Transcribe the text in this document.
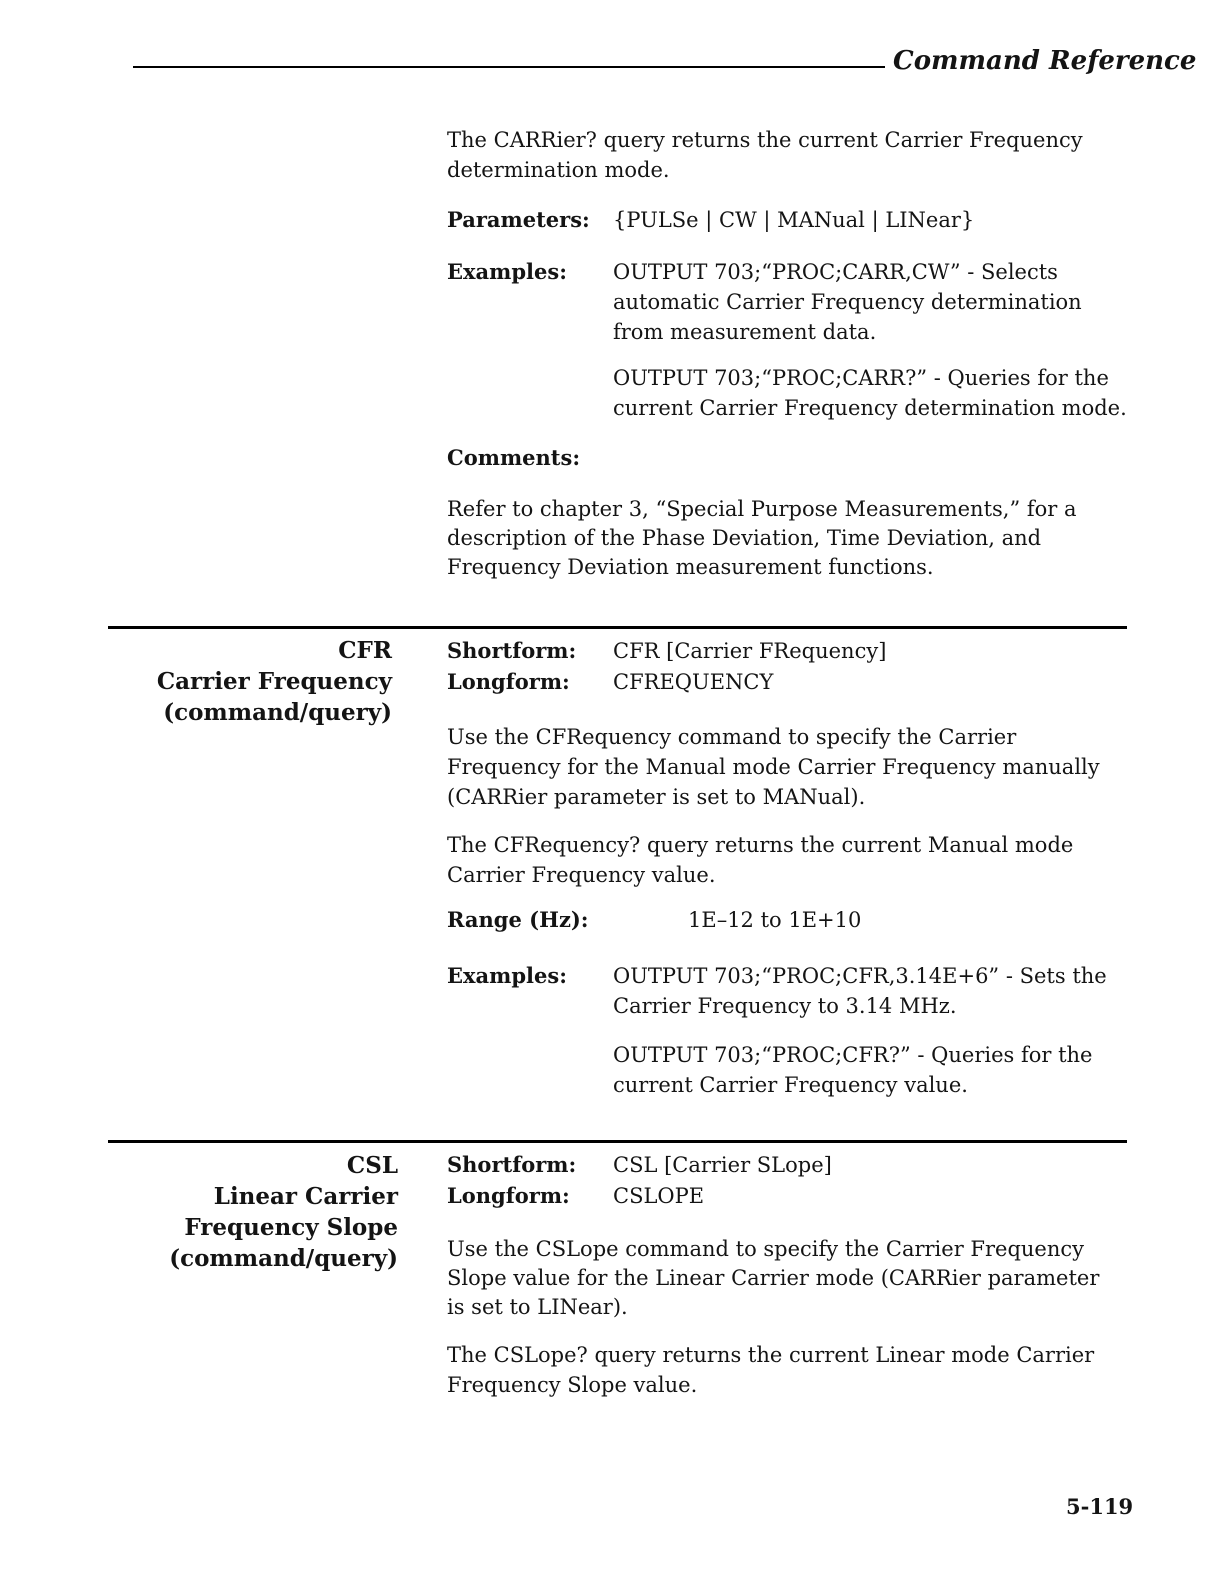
Command Reference
The CARRier? query returns the current Carrier Frequency
determination mode.
Parameters: {PULSe | CW | MANual | LINear}
Examples: OUTPUT 703;“PROC;CARR,CW” - Selects
automatic Carrier Frequency determination
from measurement data.
OUTPUT 703;“PROC;CARR?” - Queries for the
current Carrier Frequency determination mode.
Comments:
Refer to chapter 3, “Special Purpose Measurements,” for a
description of the Phase Deviation, Time Deviation, and
Frequency Deviation measurement functions.
CFR
Carrier Frequency
(command/query)
Shortform: CFR [Carrier FRequency]
Longform: CFREQUENCY
Use the CFRequency command to specify the Carrier
Frequency for the Manual mode Carrier Frequency manually
(CARRier parameter is set to MANual).
The CFRequency? query returns the current Manual mode
Carrier Frequency value.
Range (Hz):	1E–12 to 1E+10
Examples: OUTPUT 703;“PROC;CFR,3.14E+6” - Sets the
Carrier Frequency to 3.14 MHz.
OUTPUT 703;“PROC;CFR?” - Queries for the
current Carrier Frequency value.
CSL
Linear Carrier
Frequency Slope
(command/query)
Shortform: CSL [Carrier SLope]
Longform: CSLOPE
Use the CSLope command to specify the Carrier Frequency
Slope value for the Linear Carrier mode (CARRier parameter
is set to LINear).
The CSLope? query returns the current Linear mode Carrier
Frequency Slope value.
5-119
